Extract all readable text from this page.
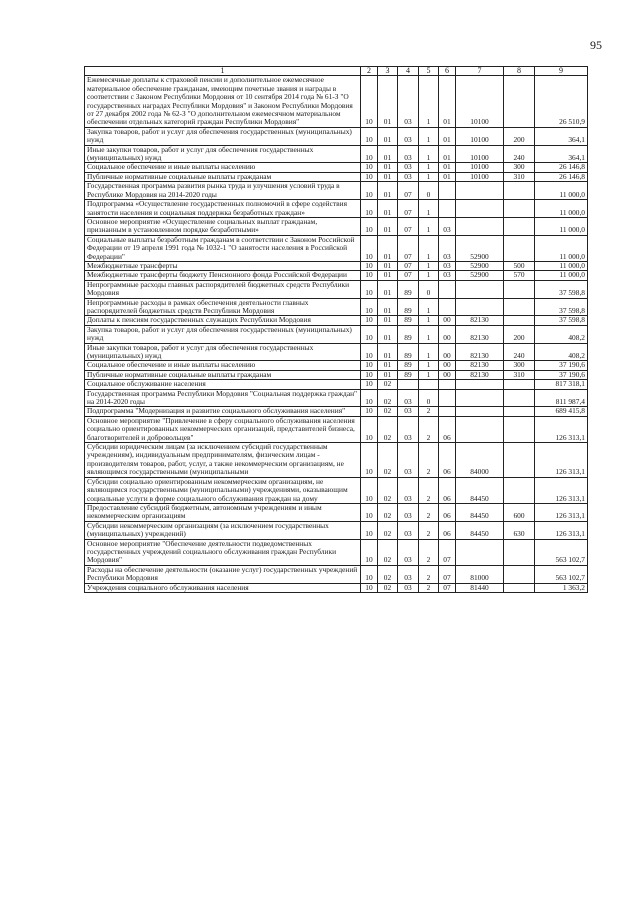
95
1	2	3	4	5	6	7	8	9
Ежемесячные доплаты к страховой пенсии и дополнительное ежемесячное материальное обеспечение гражданам, имеющим почетные звания и награды в соответствии с Законом Республики Мордовия от 10 сентября 2014 года № 61-З "О государственных наградах Республики Мордовия" и Законом Республики Мордовия от 27 декабря 2002 года № 62-З "О дополнительном ежемесячном материальном обеспечении отдельных категорий граждан Республики Мордовия"	10	01	03	1	01	10100		26 510,9
Закупка товаров, работ и услуг для обеспечения государственных (муниципальных) нужд	10	01	03	1	01	10100	200	364,1
Иные закупки товаров, работ и услуг для обеспечения государственных (муниципальных) нужд	10	01	03	1	01	10100	240	364,1
Социальное обеспечение и иные выплаты населению	10	01	03	1	01	10100	300	26 146,8
Публичные нормативные социальные выплаты гражданам	10	01	03	1	01	10100	310	26 146,8
Государственная программа развития рынка труда и улучшения условий труда в Республике Мордовия на 2014-2020 годы	10	01	07	0				11 000,0
Подпрограмма «Осуществление государственных полномочий в сфере содействия занятости населения и социальная поддержка безработных граждан»	10	01	07	1				11 000,0
Основное мероприятие «Осуществление социальных выплат гражданам, признанным в установленном порядке безработными»	10	01	07	1	03			11 000,0
Социальные выплаты безработным гражданам в соответствии с Законом Российской Федерации от 19 апреля 1991 года № 1032-1 "О занятости населения в Российской Федерации"	10	01	07	1	03	52900		11 000,0
Межбюджетные трансферты	10	01	07	1	03	52900	500	11 000,0
Межбюджетные трансферты бюджету Пенсионного фонда Российской Федерации	10	01	07	1	03	52900	570	11 000,0
Непрограммные расходы главных распорядителей бюджетных средств Республики Мордовия	10	01	89	0				37 598,8
Непрограммные расходы в рамках обеспечения деятельности главных распорядителей бюджетных средств Республики Мордовия	10	01	89	1				37 598,8
Доплаты к пенсиям государственных служащих Республики Мордовия	10	01	89	1	00	82130		37 598,8
Закупка товаров, работ и услуг для обеспечения государственных (муниципальных) нужд	10	01	89	1	00	82130	200	408,2
Иные закупки товаров, работ и услуг для обеспечения государственных (муниципальных) нужд	10	01	89	1	00	82130	240	408,2
Социальное обеспечение и иные выплаты населению	10	01	89	1	00	82130	300	37 190,6
Публичные нормативные социальные выплаты гражданам	10	01	89	1	00	82130	310	37 190,6
Социальное обслуживание населения	10	02						817 318,1
Государственная программа Республики Мордовия "Социальная поддержка граждан" на 2014-2020 годы	10	02	03	0				811 987,4
Подпрограмма "Модернизация и развитие социального обслуживания населения"	10	02	03	2				689 415,8
Основное мероприятие "Привлечение в сферу социального обслуживания населения социально ориентированных некоммерческих организаций, представителей бизнеса, благотворителей и добровольцев"	10	02	03	2	06			126 313,1
Субсидии юридическим лицам (за исключением субсидий государственным учреждениям), индивидуальным предпринимателям, физическим лицам - производителям товаров, работ, услуг, а также некоммерческим организациям, не являющимся государственными (муниципальными	10	02	03	2	06	84000		126 313,1
Субсидии социально ориентированным некоммерческим организациям, не являющимся государственными (муниципальными) учреждениями, оказывающим социальные услуги в форме социального обслуживания граждан на дому	10	02	03	2	06	84450		126 313,1
Предоставление субсидий бюджетным, автономным учреждениям и иным некоммерческим организациям	10	02	03	2	06	84450	600	126 313,1
Субсидии некоммерческим организациям (за исключением государственных (муниципальных) учреждений)	10	02	03	2	06	84450	630	126 313,1
Основное мероприятие "Обеспечение деятельности подведомственных государственных учреждений социального обслуживания граждан Республики Мордовия"	10	02	03	2	07			563 102,7
Расходы на обеспечение деятельности (оказание услуг) государственных учреждений Республики Мордовия	10	02	03	2	07	81000		563 102,7
Учреждения социального обслуживания населения	10	02	03	2	07	81440		1 363,2
